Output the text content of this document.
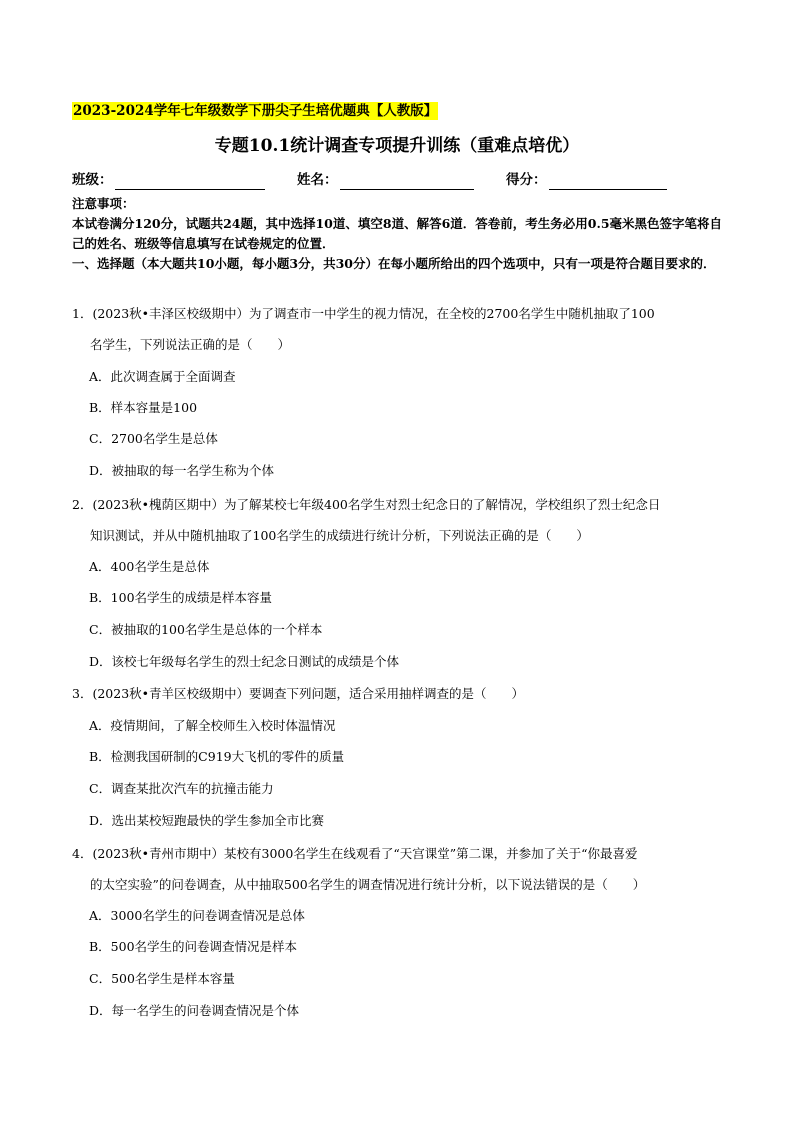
2023-2024学年七年级数学下册尖子生培优题典【人教版】
专题10.1统计调查专项提升训练（重难点培优）
班级：	姓名：	得分：

注意事项：

本试卷满分120分，试题共24题，其中选择10道、填空8道、解答6道．答卷前，考生务必用0.5毫米黑色签字笔将自己的姓名、班级等信息填写在试卷规定的位置．

一、选择题（本大题共10小题，每小题3分，共30分）在每小题所给出的四个选项中，只有一项是符合题目要求的．

1．(2023秋•丰泽区校级期中）为了调查市一中学生的视力情况，在全校的2700名学生中随机抽取了100
名学生，下列说法正确的是（　　）
A．此次调查属于全面调查
B．样本容量是100
C．2700名学生是总体
D．被抽取的每一名学生称为个体
2．(2023秋•槐荫区期中）为了解某校七年级400名学生对烈士纪念日的了解情况，学校组织了烈士纪念日
知识测试，并从中随机抽取了100名学生的成绩进行统计分析，下列说法正确的是（　　）
A．400名学生是总体
B．100名学生的成绩是样本容量
C．被抽取的100名学生是总体的一个样本
D．该校七年级每名学生的烈士纪念日测试的成绩是个体
3．(2023秋•青羊区校级期中）要调查下列问题，适合采用抽样调查的是（　　）
A．疫情期间，了解全校师生入校时体温情况
B．检测我国研制的C919大飞机的零件的质量
C．调查某批次汽车的抗撞击能力
D．选出某校短跑最快的学生参加全市比赛
4．(2023秋•青州市期中）某校有3000名学生在线观看了“天宫课堂”第二课，并参加了关于“你最喜爱
的太空实验”的问卷调查，从中抽取500名学生的调查情况进行统计分析，以下说法错误的是（　　）
A．3000名学生的问卷调查情况是总体
B．500名学生的问卷调查情况是样本
C．500名学生是样本容量
D．每一名学生的问卷调查情况是个体
